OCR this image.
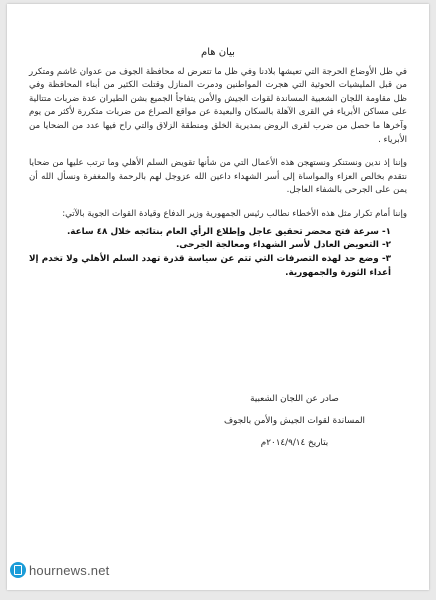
بيان هام

في ظل الأوضاع الحرجة التي تعيشها بلادنا وفي ظل ما تتعرض له محافظة الجوف من عدوان غاشم ومتكرر من قبل المليشيات الحوثية التي هجرت المواطنين ودمرت المنازل وقتلت الكثير من أبناء المحافظة وفي ظل مقاومة اللجان الشعبية المساندة لقوات الجيش والأمن يتفاجأ الجميع بشن الطيران عدة ضربات متتالية على مساكن الأبرياء في القرى الآهلة بالسكان والبعيدة عن مواقع الصراع من ضربات متكررة لأكثر من يوم وآخرها ما حصل من ضرب لقرى الروض بمديرية الخلق ومنطقة الزلاق والتي راح فيها عدد من الضحايا من الأبرياء .

وإننا إذ ندين ونستنكر ونستهجن هذه الأعمال التي من شأنها تقويض السلم الأهلي وما ترتب عليها من ضحايا نتقدم بخالص العزاء والمواساة إلى أسر الشهداء داعين الله عزوجل لهم بالرحمة والمغفرة ونسأل الله أن يمن على الجرحى بالشفاء العاجل.

وإننا أمام تكرار مثل هذه الأخطاء نطالب رئيس الجمهورية وزير الدفاع وقيادة القوات الجوية بالآتي:

١- سرعة فتح محضر تحقيق عاجل وإطلاع الرأي العام بنتائجه خلال ٤٨ ساعة.
٢- التعويض العادل لأسر الشهداء ومعالجة الجرحى.
٣- وضع حد لهذه التصرفات التي تتم عن سياسة قذرة تهدد السلم الأهلي ولا تخدم إلا أعداء الثورة والجمهورية.
صادر عن اللجان الشعبية
المساندة لقوات الجيش والأمن بالجوف
بتاريخ ٢٠١٤/٩/١٤م
hournews.net
